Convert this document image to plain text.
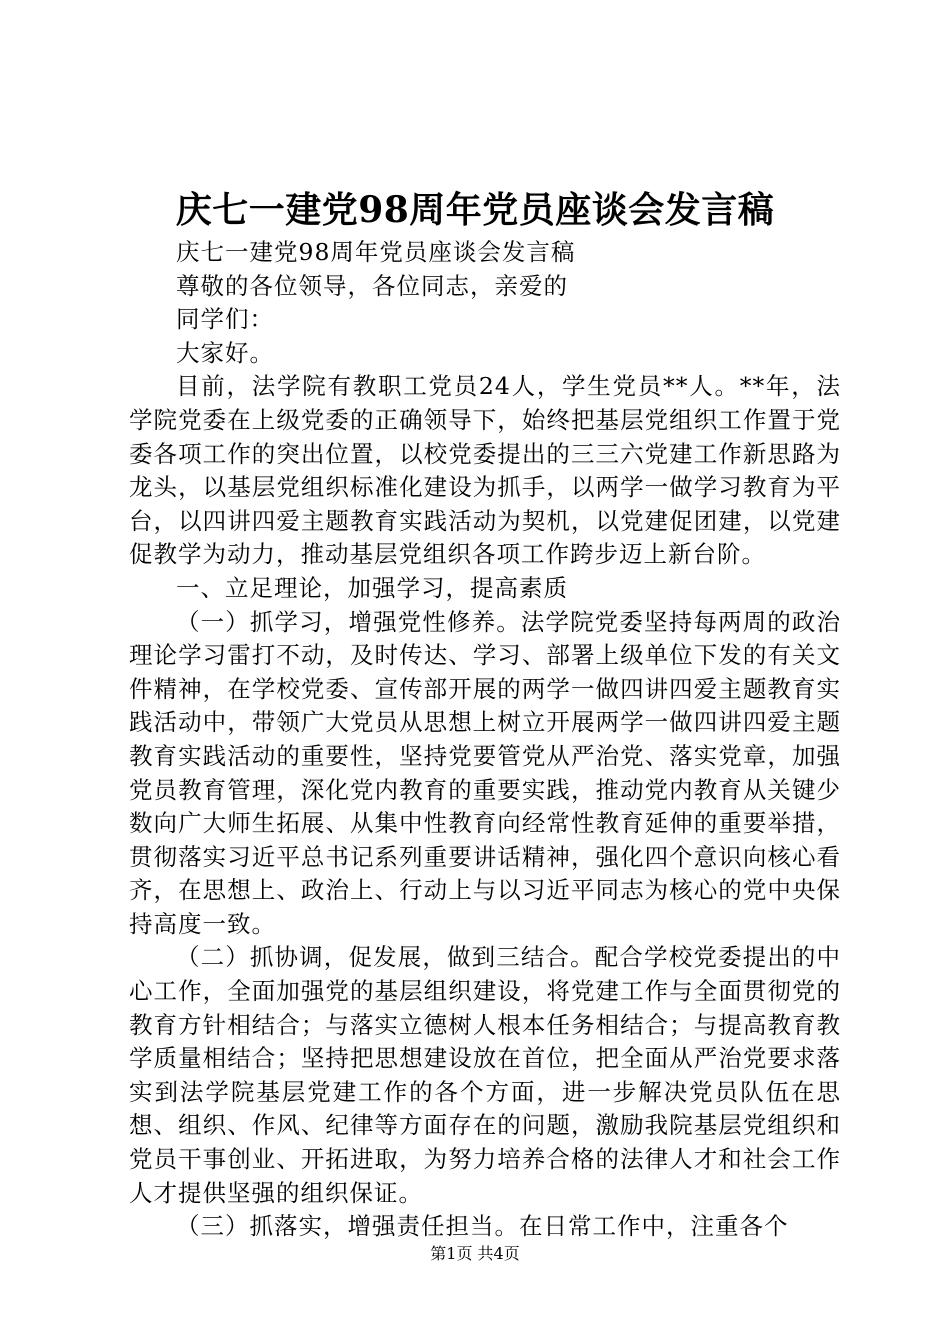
庆七一建党98周年党员座谈会发言稿

庆七一建党98周年党员座谈会发言稿

尊敬的各位领导，各位同志，亲爱的

同学们：

大家好。

目前，法学院有教职工党员24人，学生党员**人。**年，法学院党委在上级党委的正确领导下，始终把基层党组织工作置于党委各项工作的突出位置，以校党委提出的三三六党建工作新思路为龙头，以基层党组织标准化建设为抓手，以两学一做学习教育为平台，以四讲四爱主题教育实践活动为契机，以党建促团建，以党建促教学为动力，推动基层党组织各项工作跨步迈上新台阶。

一、立足理论，加强学习，提高素质

（一）抓学习，增强党性修养。法学院党委坚持每两周的政治理论学习雷打不动，及时传达、学习、部署上级单位下发的有关文件精神，在学校党委、宣传部开展的两学一做四讲四爱主题教育实践活动中，带领广大党员从思想上树立开展两学一做四讲四爱主题教育实践活动的重要性，坚持党要管党从严治党、落实党章，加强党员教育管理，深化党内教育的重要实践，推动党内教育从关键少数向广大师生拓展、从集中性教育向经常性教育延伸的重要举措，贯彻落实习近平总书记系列重要讲话精神，强化四个意识向核心看齐，在思想上、政治上、行动上与以习近平同志为核心的党中央保持高度一致。

（二）抓协调，促发展，做到三结合。配合学校党委提出的中心工作，全面加强党的基层组织建设，将党建工作与全面贯彻党的教育方针相结合；与落实立德树人根本任务相结合；与提高教育教学质量相结合；坚持把思想建设放在首位，把全面从严治党要求落实到法学院基层党建工作的各个方面，进一步解决党员队伍在思想、组织、作风、纪律等方面存在的问题，激励我院基层党组织和党员干事创业、开拓进取，为努力培养合格的法律人才和社会工作人才提供坚强的组织保证。

（三）抓落实，增强责任担当。在日常工作中，注重各个

第1页 共4页
